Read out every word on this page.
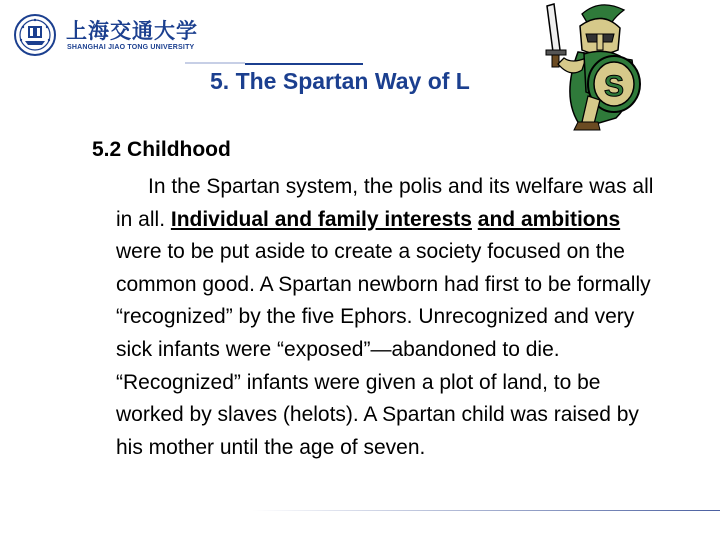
上海交通大学
SHANGHAI JIAO TONG UNIVERSITY
5. The Spartan Way of L	S
5.2 Childhood

In the Spartan system, the polis and its welfare was all in all. Individual and family interests and ambitions were to be put aside to create a society focused on the common good. A Spartan newborn had first to be formally “recognized” by the five Ephors. Unrecognized and very sick infants were “exposed”—abandoned to die. “Recognized” infants were given a plot of land, to be worked by slaves (helots). A Spartan child was raised by his mother until the age of seven.
